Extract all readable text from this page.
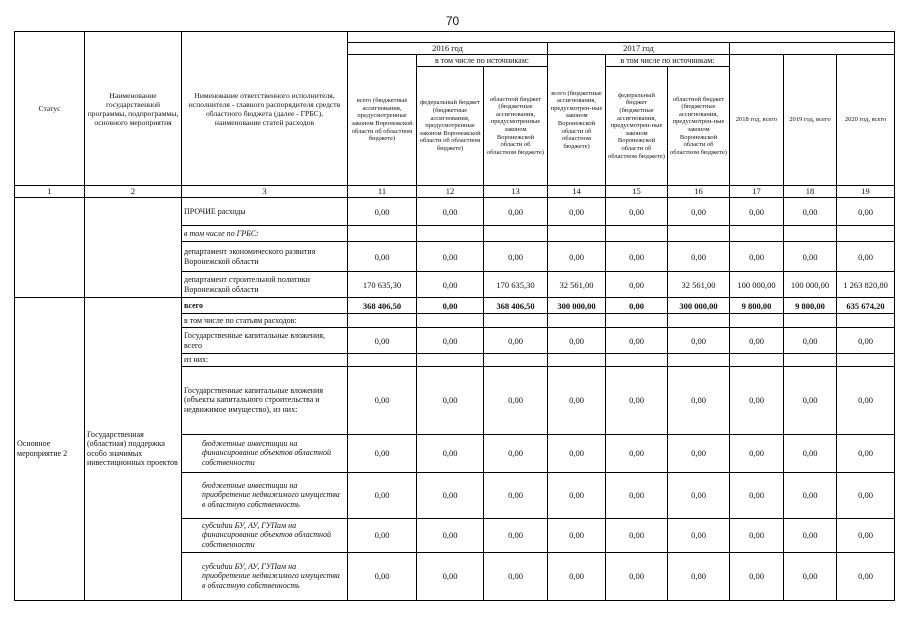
70
Статус	Наименование государственной программы, подпрограммы, основного мероприятия	Нименование ответственного исполнителя, исполнителя - главного распорядителя средств областного бюджета (далее - ГРБС), наименование статей расходов									
			2016 год			2017 год					
			всего (бюджетные ассигнования, предусмотренные законом Воронежской области об областном бюджете)	в том числе по источникам:		всего (бюджетные ассигнования, предусмотрен-ные законом Воронежской области об областном бюджете)	в том числе по источникам:		2018 год, всего	2019 год, всего	2020 год, всего
				федеральный бюджет (бюджетные ассигнования, предусмотренные законом Воронежской области об областном бюджете)	областной бюджет (бюджетные ассигнования, предусмотренные законом Воронежской области об областном бюджете)		федеральный бюджет (бюджетные ассигнования, предусмотрен-ные законом Воронежской области об областном бюджете)	областной бюджет (бюджетные ассигнования, предусмотрен-ные законом Воронежской области об областном бюджете)			

1	2	3	11	12	13	14	15	16	17	18	19
		ПРОЧИЕ расходы	0,00	0,00	0,00	0,00	0,00	0,00	0,00	0,00	0,00
		в том числе по ГРБС:									
		департамент экономического развития Воронежской области	0,00	0,00	0,00	0,00	0,00	0,00	0,00	0,00	0,00
		департамент строительной политики Воронежской области	170 635,30	0,00	170 635,30	32 561,00	0,00	32 561,00	100 000,00	100 000,00	1 263 820,80
Основное мероприятие 2	Государственная (областная) поддержка особо значимых инвестиционных проектов	всего	368 406,50	0,00	368 406,50	300 000,00	0,00	300 000,00	9 800,00	9 800,00	635 674,20
		в том числе по статьям расходов:									
		Государственные капитальные вложения, всего	0,00	0,00	0,00	0,00	0,00	0,00	0,00	0,00	0,00
		из них:									
		Государственные капитальные вложения (объекты капитального строительства и недвижимое имущество), из них:	0,00	0,00	0,00	0,00	0,00	0,00	0,00	0,00	0,00
		бюджетные инвестиции на финансирование объектов областной собственности	0,00	0,00	0,00	0,00	0,00	0,00	0,00	0,00	0,00
		бюджетные инвестиции на приобретение недвижимого имущества в областную собственность	0,00	0,00	0,00	0,00	0,00	0,00	0,00	0,00	0,00
		субсидии БУ, АУ, ГУПам на финансирование объектов областной собственности	0,00	0,00	0,00	0,00	0,00	0,00	0,00	0,00	0,00
		субсидии БУ, АУ, ГУПам на приобретение недвижимого имущества в областную собственность	0,00	0,00	0,00	0,00	0,00	0,00	0,00	0,00	0,00
